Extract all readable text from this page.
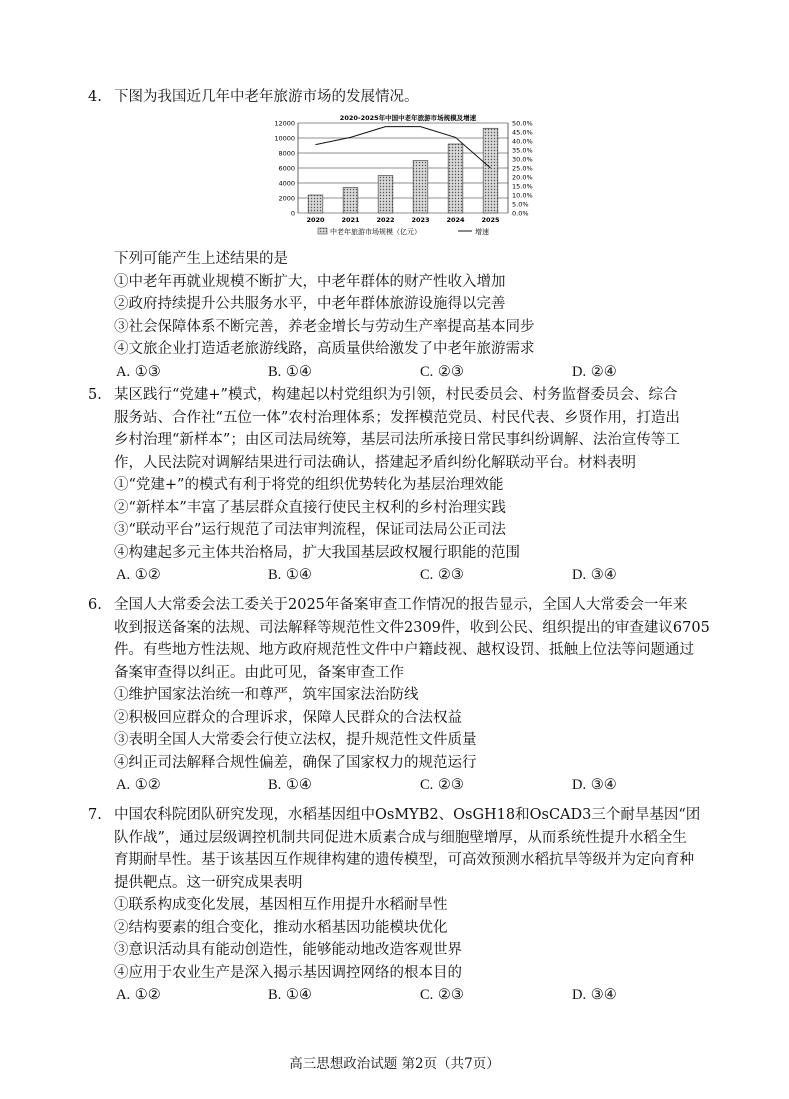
4. 下图为我国近几年中老年旅游市场的发展情况。
2020-2025年中国中老年旅游市场规模及增速
0
2000
4000
6000
8000
10000
12000
0.0%
5.0%
10.0%
15.0%
20.0%
25.0%
30.0%
35.0%
40.0%
45.0%
50.0%
2020	2021	2022	2023	2024	2025
中老年旅游市场规模（亿元）	增速

下列可能产生上述结果的是

①中老年再就业规模不断扩大，中老年群体的财产性收入增加

②政府持续提升公共服务水平，中老年群体旅游设施得以完善

③社会保障体系不断完善，养老金增长与劳动生产率提高基本同步

④文旅企业打造适老旅游线路，高质量供给激发了中老年旅游需求

A. ①③	B. ①④	C. ②③	D. ②④
5. 某区践行“党建+”模式，构建起以村党组织为引领，村民委员会、村务监督委员会、综合

服务站、合作社“五位一体”农村治理体系；发挥模范党员、村民代表、乡贤作用，打造出

乡村治理“新样本”；由区司法局统筹，基层司法所承接日常民事纠纷调解、法治宣传等工

作，人民法院对调解结果进行司法确认，搭建起矛盾纠纷化解联动平台。材料表明

①“党建+”的模式有利于将党的组织优势转化为基层治理效能

②“新样本”丰富了基层群众直接行使民主权利的乡村治理实践

③“联动平台”运行规范了司法审判流程，保证司法局公正司法

④构建起多元主体共治格局，扩大我国基层政权履行职能的范围

A. ①②	B. ①④	C. ②③	D. ③④
6. 全国人大常委会法工委关于2025年备案审查工作情况的报告显示，全国人大常委会一年来

收到报送备案的法规、司法解释等规范性文件2309件，收到公民、组织提出的审查建议6705

件。有些地方性法规、地方政府规范性文件中户籍歧视、越权设罚、抵触上位法等问题通过

备案审查得以纠正。由此可见，备案审查工作

①维护国家法治统一和尊严，筑牢国家法治防线

②积极回应群众的合理诉求，保障人民群众的合法权益

③表明全国人大常委会行使立法权，提升规范性文件质量

④纠正司法解释合规性偏差，确保了国家权力的规范运行

A. ①②	B. ①④	C. ②③	D. ③④
7. 中国农科院团队研究发现，水稻基因组中OsMYB2、OsGH18和OsCAD3三个耐旱基因“团

队作战”，通过层级调控机制共同促进木质素合成与细胞壁增厚，从而系统性提升水稻全生

育期耐旱性。基于该基因互作规律构建的遗传模型，可高效预测水稻抗旱等级并为定向育种

提供靶点。这一研究成果表明

①联系构成变化发展，基因相互作用提升水稻耐旱性

②结构要素的组合变化，推动水稻基因功能模块优化

③意识活动具有能动创造性，能够能动地改造客观世界

④应用于农业生产是深入揭示基因调控网络的根本目的

A. ①②	B. ①④	C. ②③	D. ③④
高三思想政治试题 第2页（共7页）
